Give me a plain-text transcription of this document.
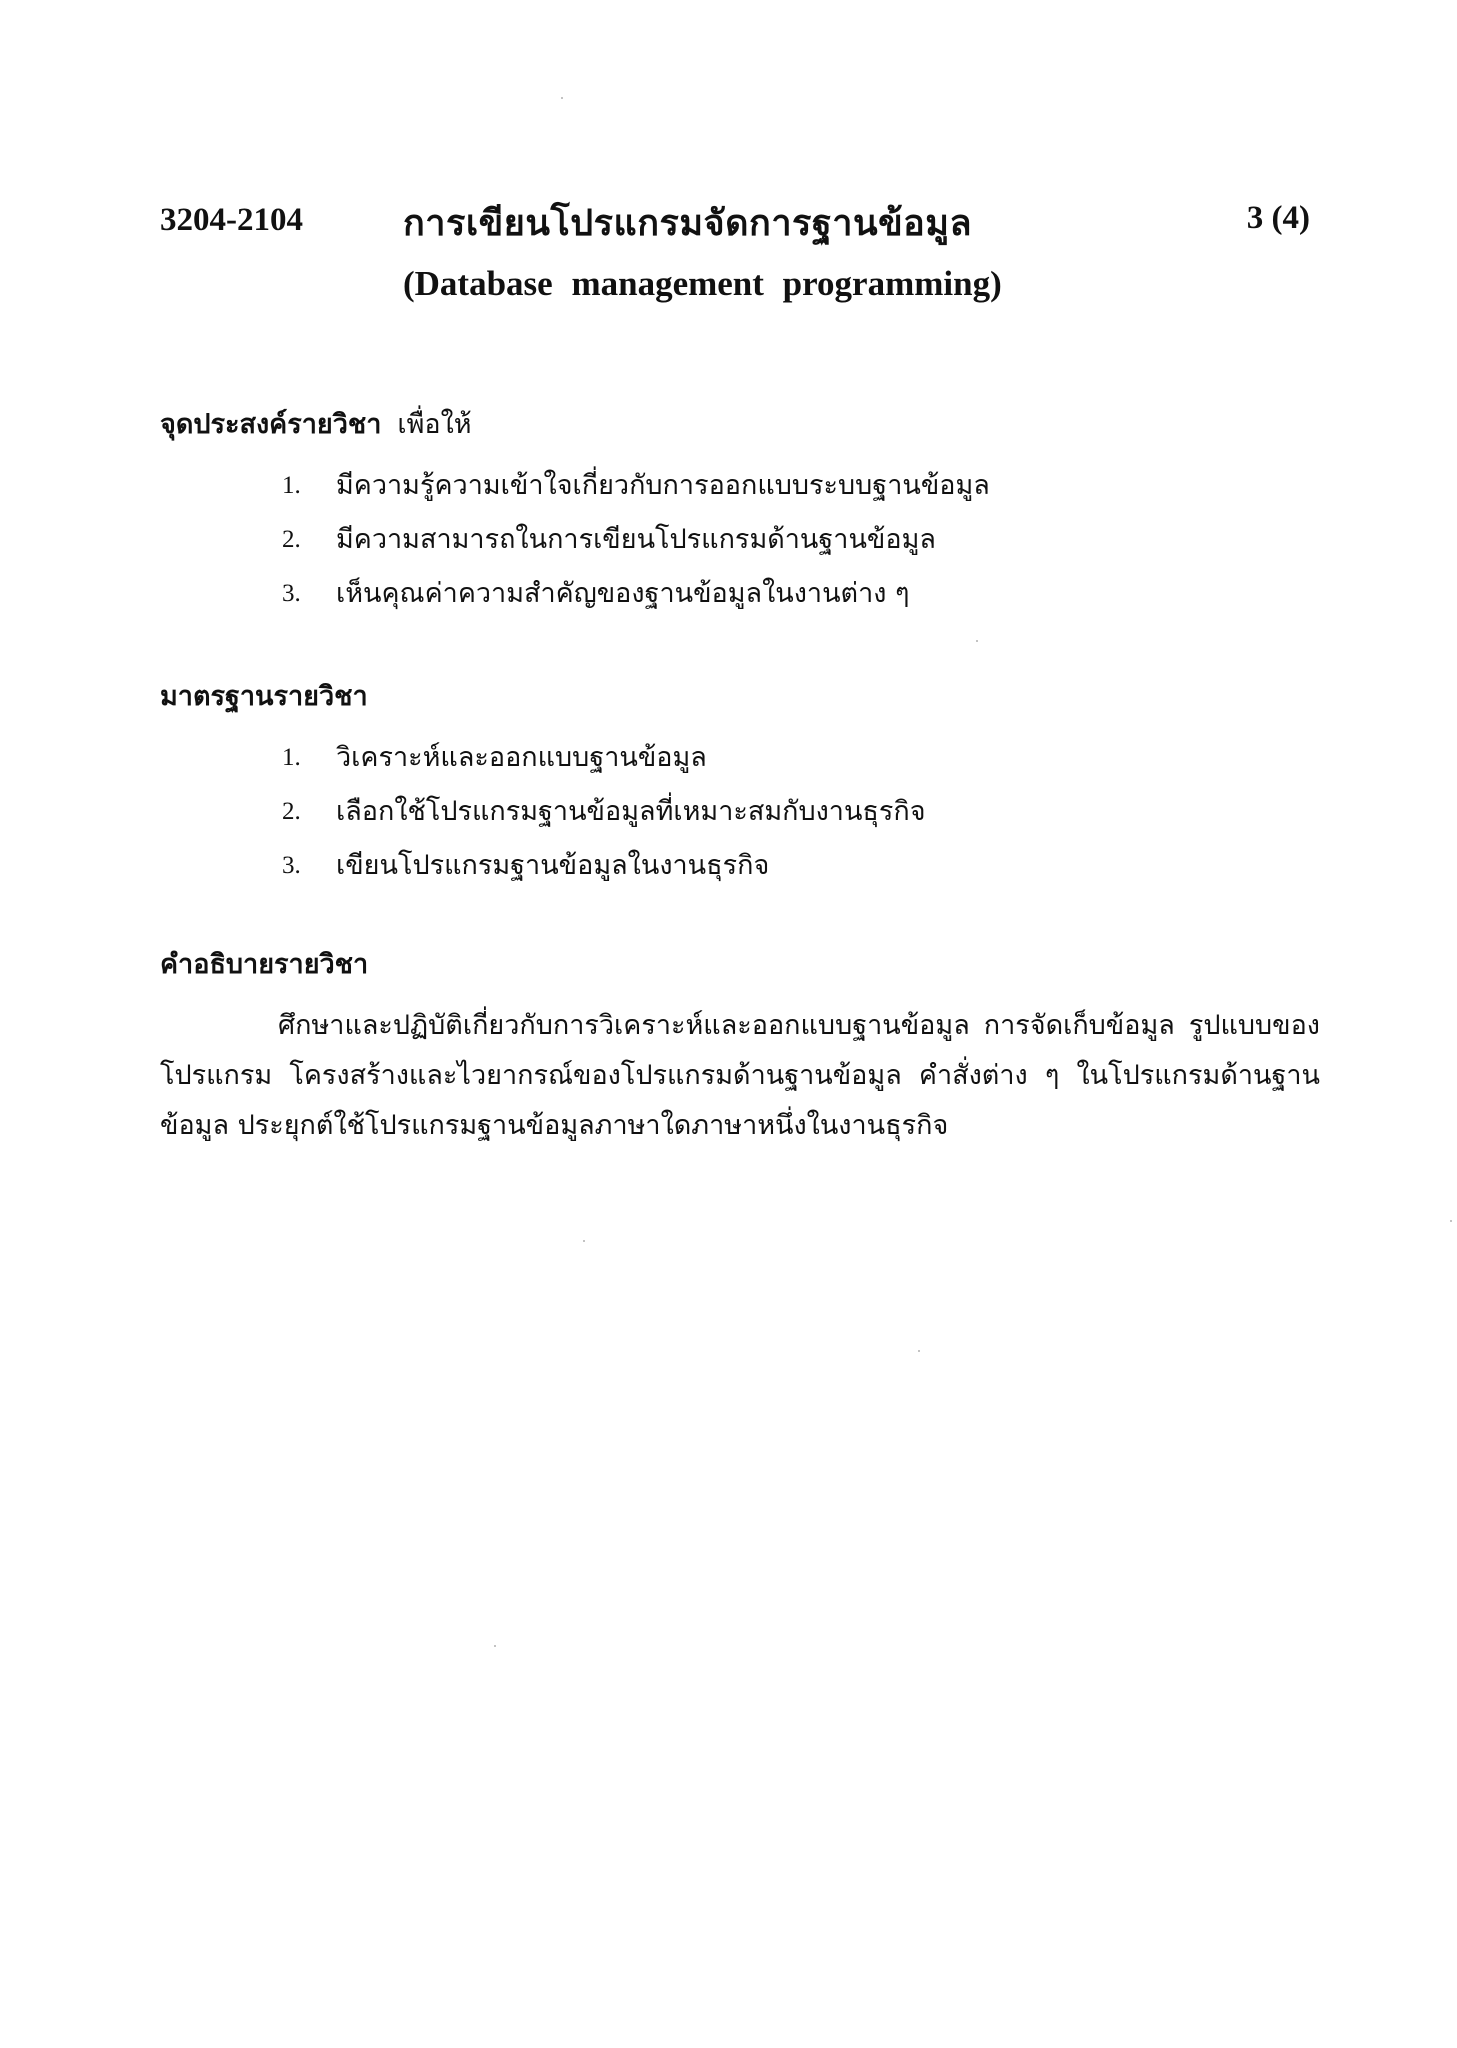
3204-2104	การเขียนโปรแกรมจัดการฐานข้อมูล	3 (4)
(Database management programming)
จุดประสงค์รายวิชา เพื่อให้
1. มีความรู้ความเข้าใจเกี่ยวกับการออกแบบระบบฐานข้อมูล
2. มีความสามารถในการเขียนโปรแกรมด้านฐานข้อมูล
3. เห็นคุณค่าความสำคัญของฐานข้อมูลในงานต่าง ๆ
มาตรฐานรายวิชา
1. วิเคราะห์และออกแบบฐานข้อมูล
2. เลือกใช้โปรแกรมฐานข้อมูลที่เหมาะสมกับงานธุรกิจ
3. เขียนโปรแกรมฐานข้อมูลในงานธุรกิจ
คำอธิบายรายวิชา

ศึกษาและปฏิบัติเกี่ยวกับการวิเคราะห์และออกแบบฐานข้อมูล การจัดเก็บข้อมูล รูปแบบของโปรแกรม โครงสร้างและไวยากรณ์ของโปรแกรมด้านฐานข้อมูล คำสั่งต่าง ๆ ในโปรแกรมด้านฐานข้อมูล ประยุกต์ใช้โปรแกรมฐานข้อมูลภาษาใดภาษาหนึ่งในงานธุรกิจ
